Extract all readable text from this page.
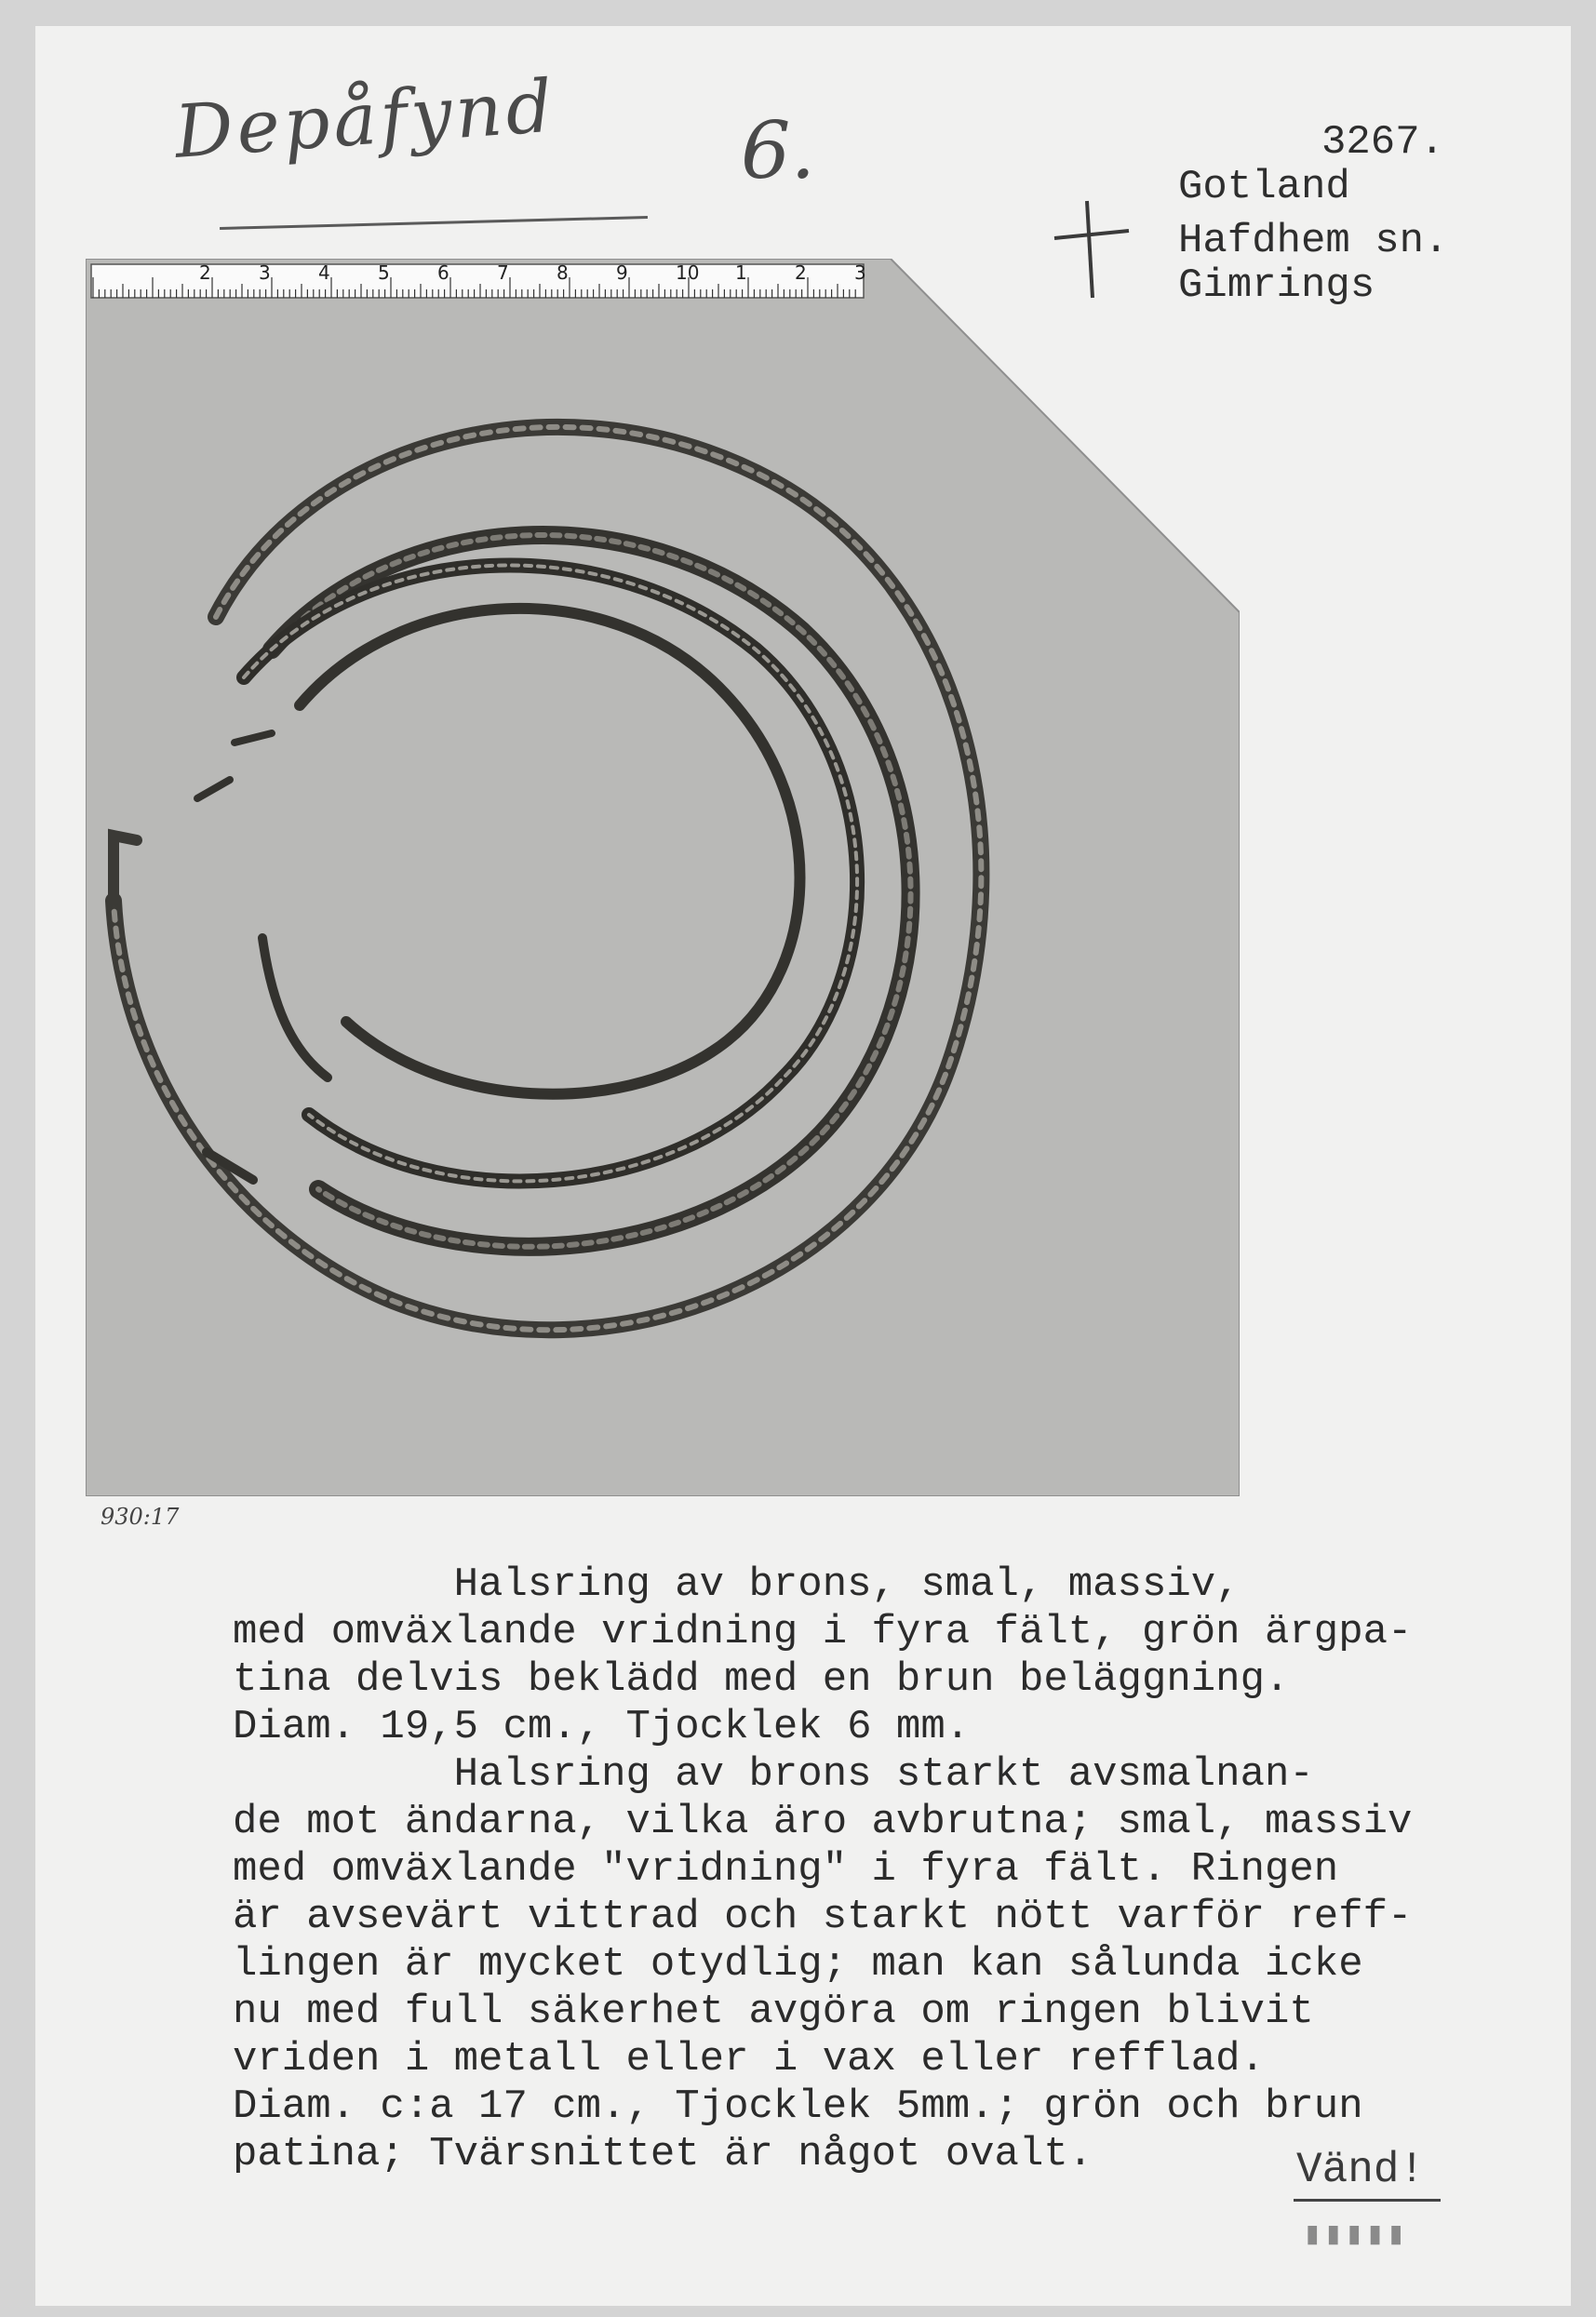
Depåfynd 6.	3267.
Gotland
Hafdhem sn.
Gimrings
2	3	4	5	6	7	8	9	10 1	2	3
930:17
Halsring av brons, smal, massiv,
med omväxlande vridning i fyra fält, grön ärgpa-
tina delvis beklädd med en brun beläggning.
Diam. 19,5 cm., Tjocklek 6 mm.
Halsring av brons starkt avsmalnan-
de mot ändarna, vilka äro avbrutna; smal, massiv
med omväxlande "vridning" i fyra fält. Ringen
är avsevärt vittrad och starkt nött varför reff-
lingen är mycket otydlig; man kan sålunda icke
nu med full säkerhet avgöra om ringen blivit
vriden i metall eller i vax eller refflad.
Diam. c:a 17 cm., Tjocklek 5mm.; grön och brun
patina; Tvärsnittet är något ovalt.	Vänd!
▮▮▮▮▮
